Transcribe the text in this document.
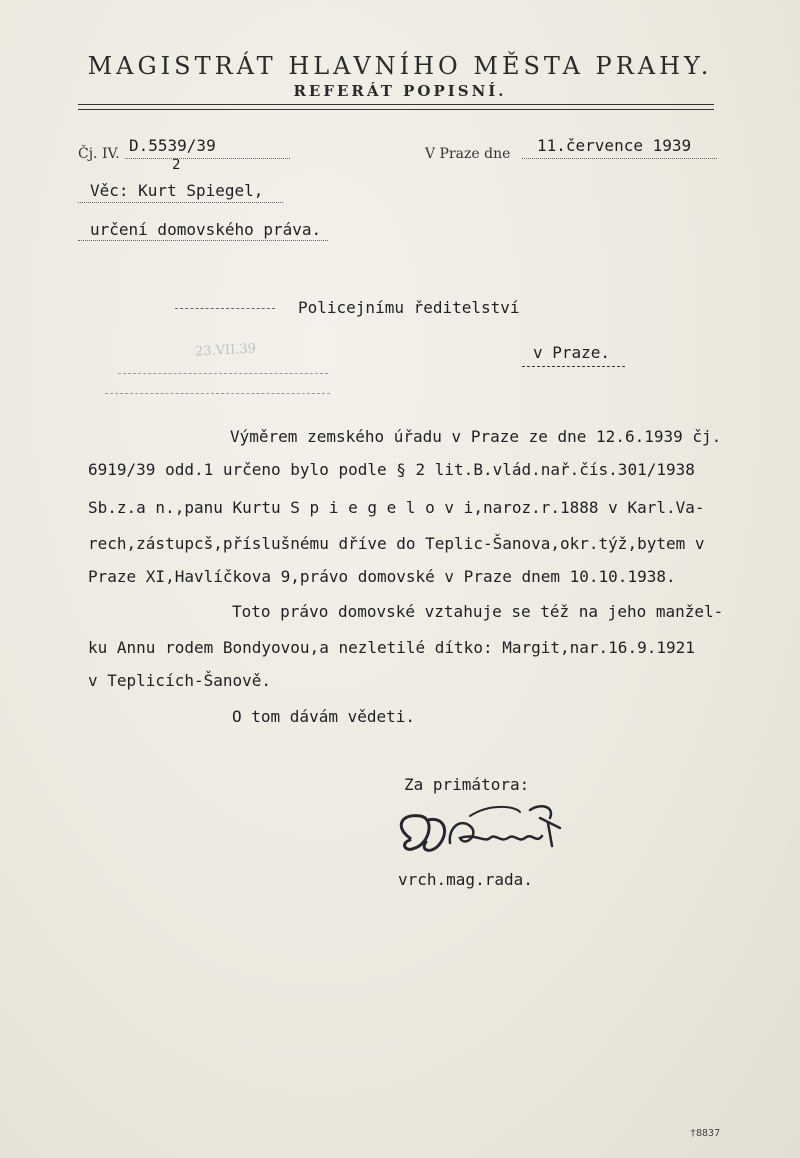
MAGISTRÁT HLAVNÍHO MĚSTA PRAHY.
REFERÁT POPISNÍ.
Čj. IV. D.5539/39
2
V Praze dne 11.července 1939
Věc: Kurt Spiegel,
určení domovského práva.
Policejnímu ředitelství
v Praze.
23.VII.39
Výměrem zemského úřadu v Praze ze dne 12.6.1939 čj.
6919/39 odd.1 určeno bylo podle § 2 lit.B.vlád.nař.čís.301/1938
Sb.z.a n.,panu Kurtu S p i e g e l o v i,naroz.r.1888 v Karl.Va-
rech,zástupcš,příslušnému dříve do Teplic-Šanova,okr.týž,bytem v
Praze XI,Havlíčkova 9,právo domovské v Praze dnem 10.10.1938.
Toto právo domovské vztahuje se též na jeho manžel-
ku Annu rodem Bondyovou,a nezletilé dítko: Margit,nar.16.9.1921
v Teplicích-Šanově.
O tom dávám vědeti.
Za primátora:
vrch.mag.rada.
†8837
